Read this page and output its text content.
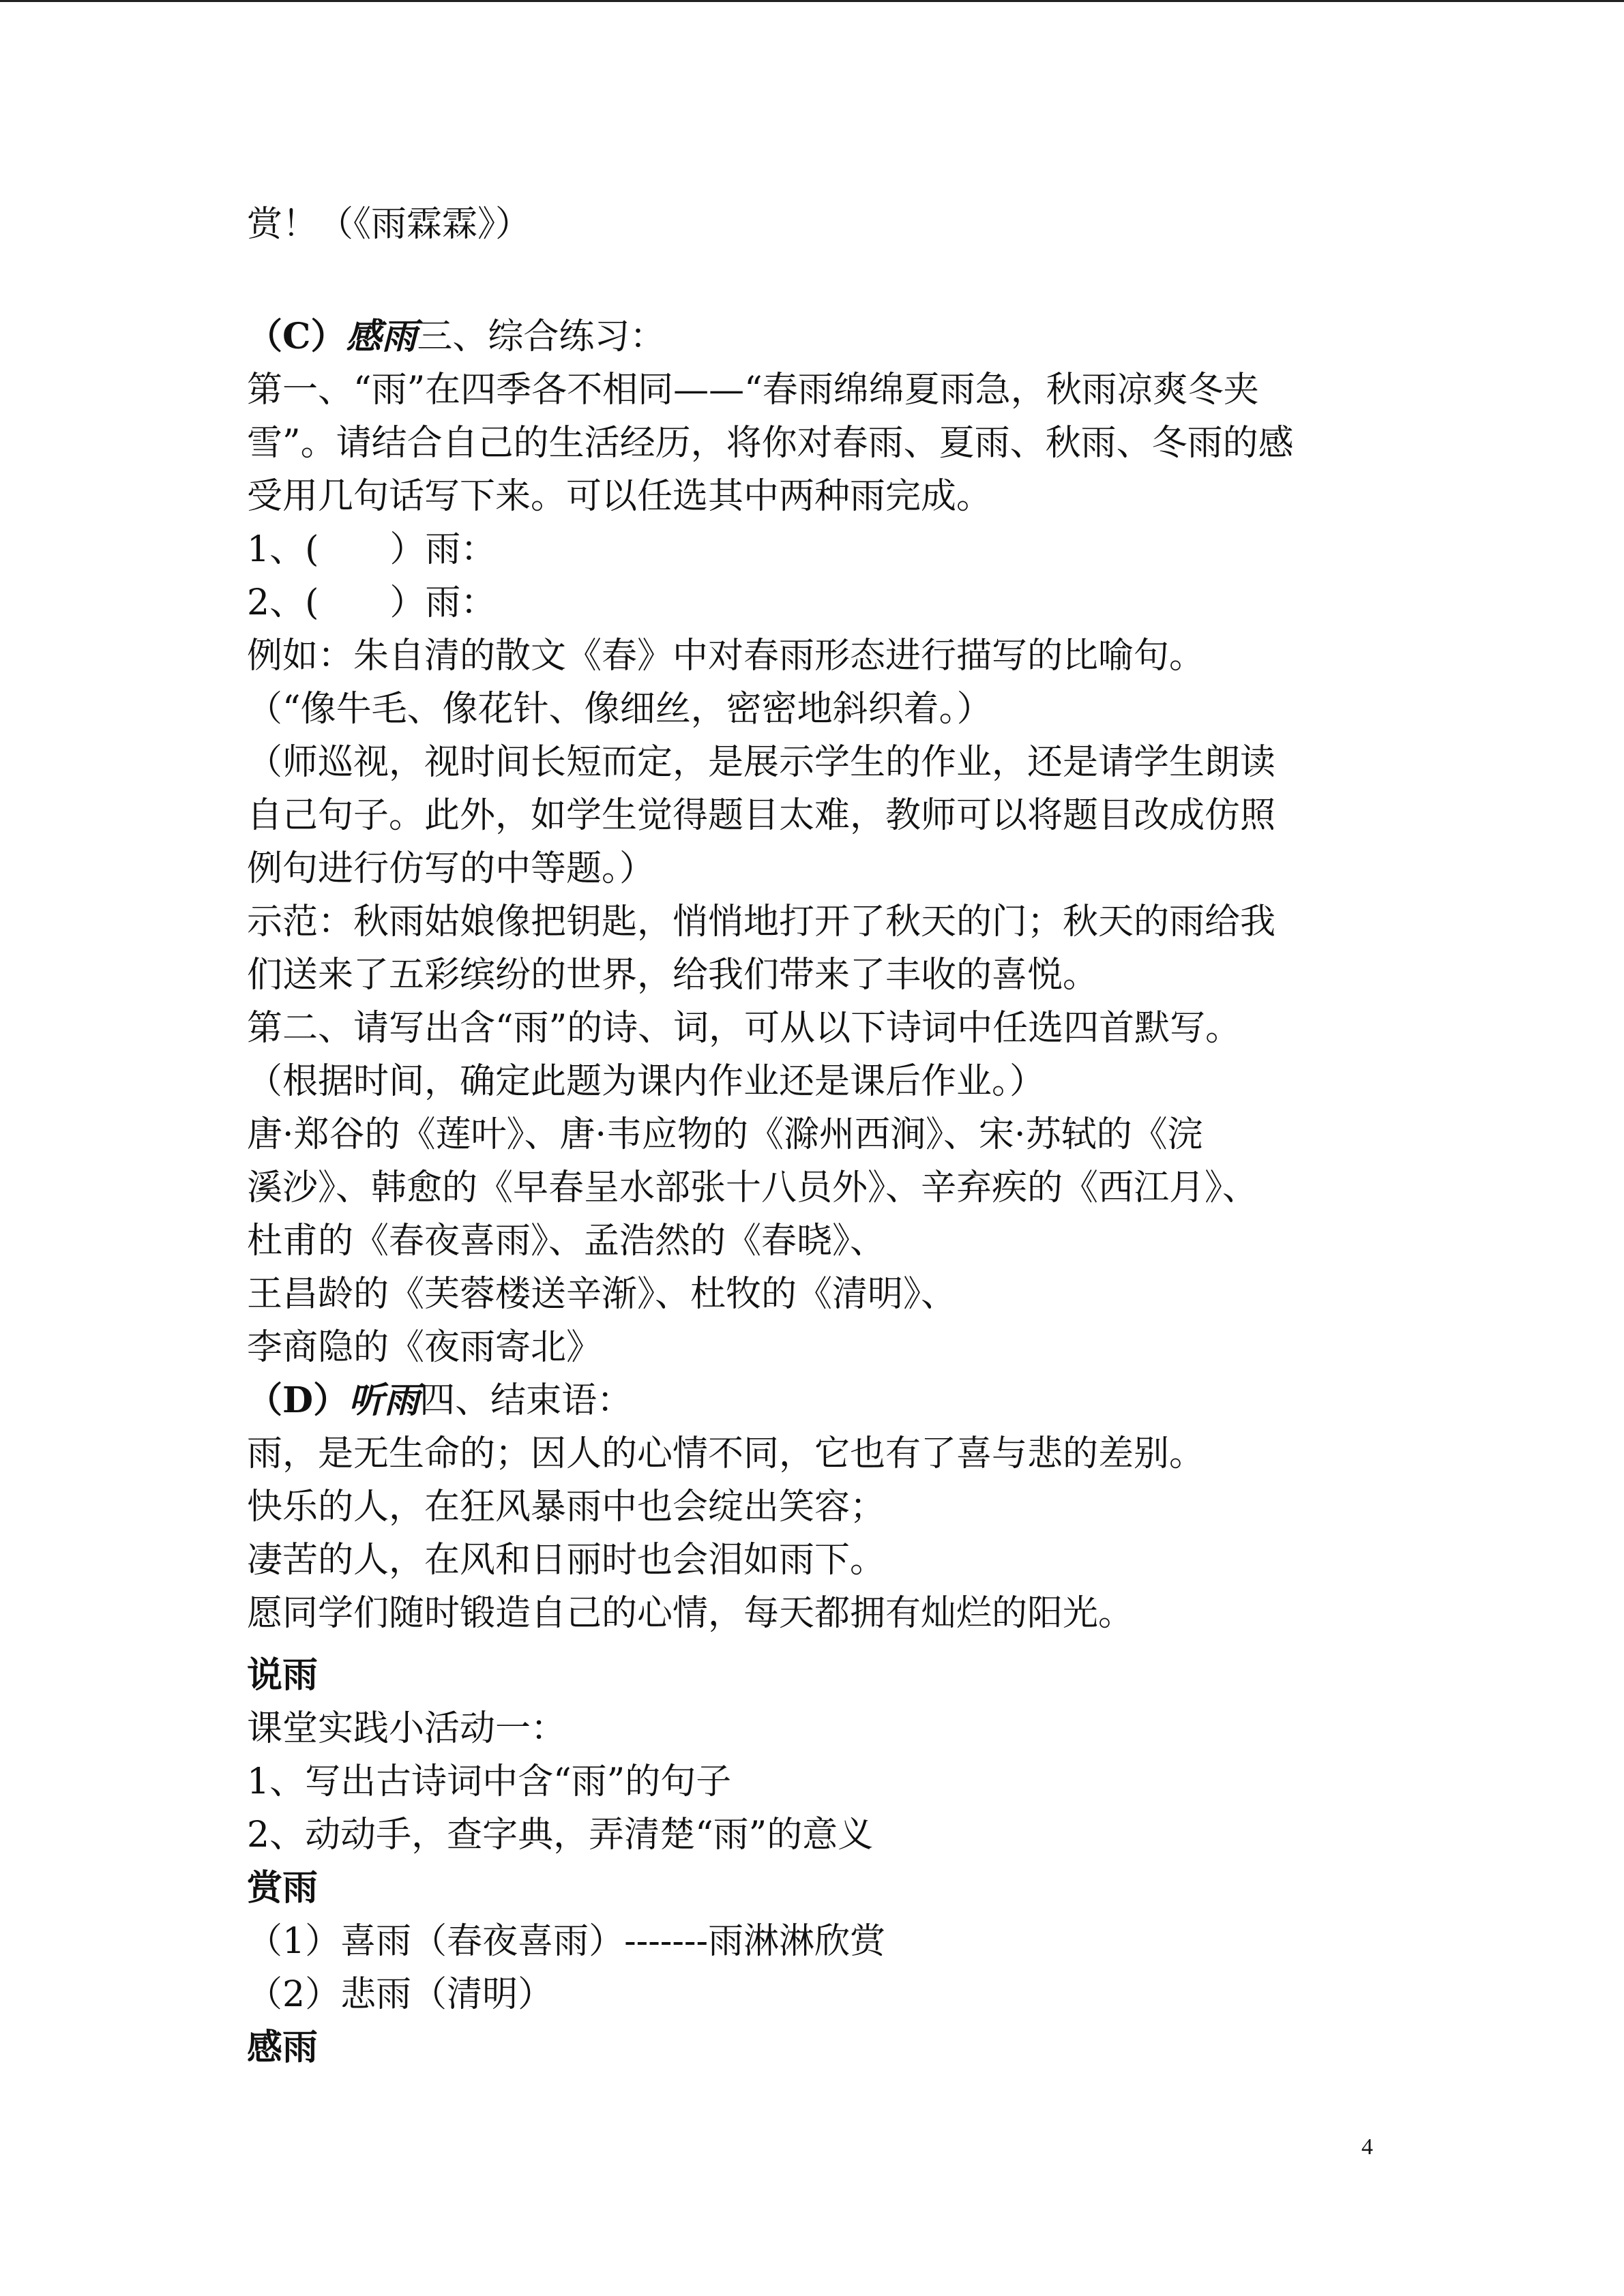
赏！（《雨霖霖》）
（C）感雨三、综合练习：
第一、“雨”在四季各不相同——“春雨绵绵夏雨急，秋雨凉爽冬夹
雪”。请结合自己的生活经历，将你对春雨、夏雨、秋雨、冬雨的感
受用几句话写下来。可以任选其中两种雨完成。
1、(　　）雨：
2、(　　）雨：
例如：朱自清的散文《春》中对春雨形态进行描写的比喻句。
（“像牛毛、像花针、像细丝，密密地斜织着。）
（师巡视，视时间长短而定，是展示学生的作业，还是请学生朗读
自己句子。此外，如学生觉得题目太难，教师可以将题目改成仿照
例句进行仿写的中等题。）
示范：秋雨姑娘像把钥匙，悄悄地打开了秋天的门；秋天的雨给我
们送来了五彩缤纷的世界，给我们带来了丰收的喜悦。
第二、请写出含“雨”的诗、词，可从以下诗词中任选四首默写。
（根据时间，确定此题为课内作业还是课后作业。）
唐·郑谷的《莲叶》、唐·韦应物的《滁州西涧》、宋·苏轼的《浣
溪沙》、韩愈的《早春呈水部张十八员外》、辛弃疾的《西江月》、
杜甫的《春夜喜雨》、孟浩然的《春晓》、
王昌龄的《芙蓉楼送辛渐》、杜牧的《清明》、
李商隐的《夜雨寄北》
（D）听雨四、结束语：
雨，是无生命的；因人的心情不同，它也有了喜与悲的差别。
快乐的人，在狂风暴雨中也会绽出笑容；
凄苦的人，在风和日丽时也会泪如雨下。
愿同学们随时锻造自己的心情，每天都拥有灿烂的阳光。
说雨
课堂实践小活动一：
1、写出古诗词中含“雨”的句子
2、动动手，查字典，弄清楚“雨”的意义
赏雨
（1）喜雨（春夜喜雨）-------雨淋淋欣赏
（2）悲雨（清明）
感雨
4
